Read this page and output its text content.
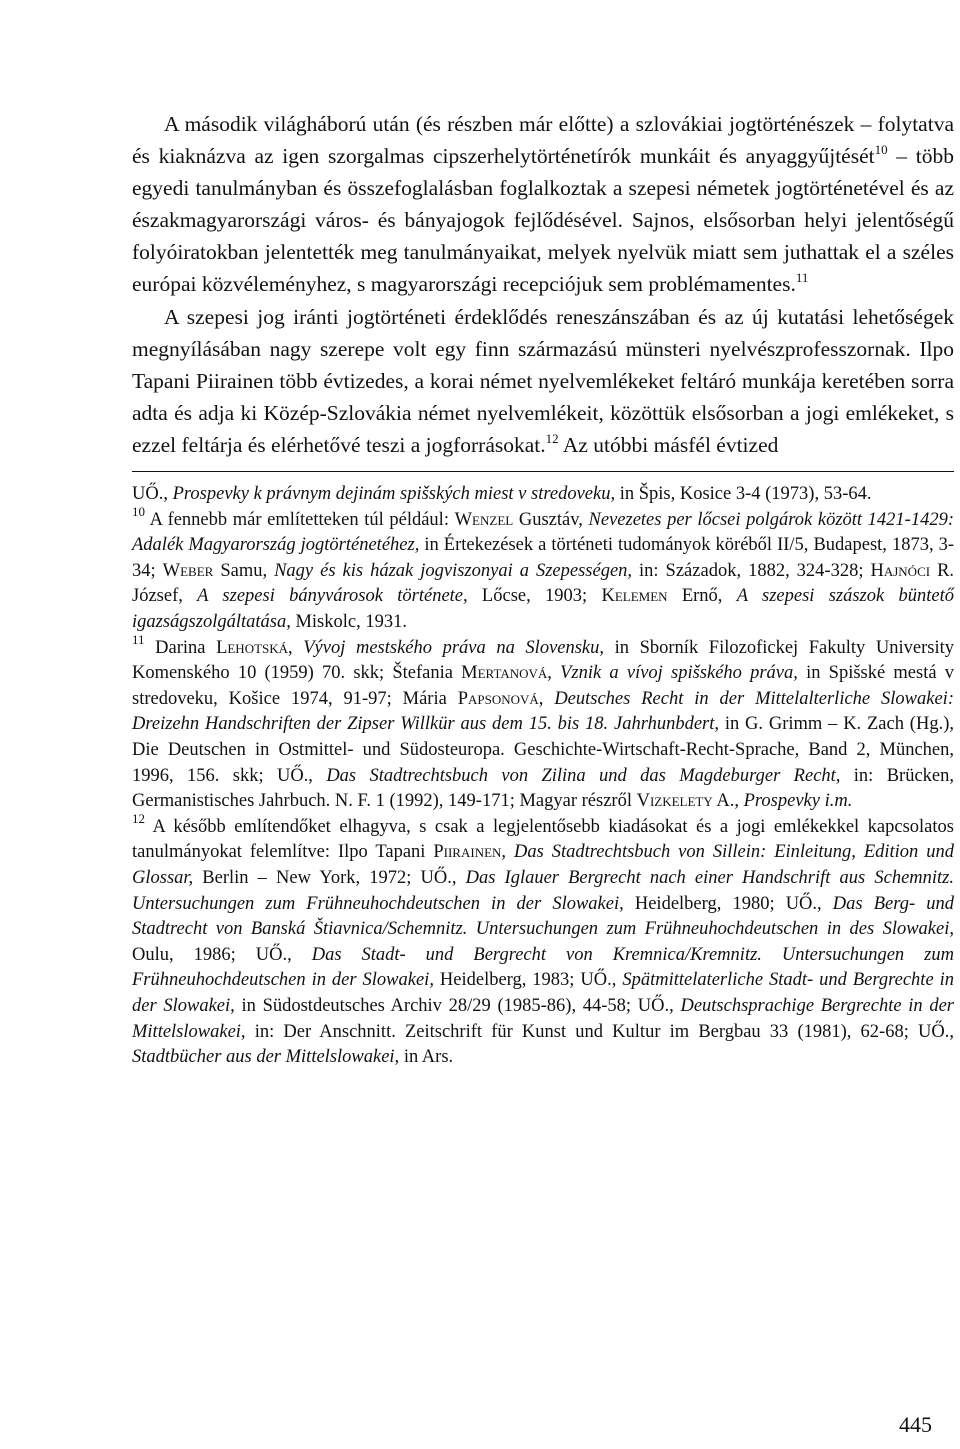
A második világháború után (és részben már előtte) a szlovákiai jogtörténészek – folytatva és kiaknázva az igen szorgalmas cipszerhelytörténetírók munkáit és anyaggyűjtését$^{10}$ – több egyedi tanulmányban és összefoglalásban foglalkoztak a szepesi németek jogtörténetével és az északmagyarországi város- és bányajogok fejlődésével. Sajnos, elsősorban helyi jelentőségű folyóiratokban jelentették meg tanulmányaikat, melyek nyelvük miatt sem juthattak el a széles európai közvéleményhez, s magyarországi recepciójuk sem problémamentes.$^{11}$

A szepesi jog iránti jogtörténeti érdeklődés reneszánszában és az új kutatási lehetőségek megnyílásában nagy szerepe volt egy finn származású münsteri nyelvészprofesszornak. Ilpo Tapani Piirainen több évtizedes, a korai német nyelvemlékeket feltáró munkája keretében sorra adta és adja ki Közép-Szlovákia német nyelvemlékeit, közöttük elsősorban a jogi emlékeket, s ezzel feltárja és elérhetővé teszi a jogforrásokat.$^{12}$ Az utóbbi másfél évtized

UŐ., Prospevky k právnym dejinám spišských miest v stredoveku, in Špis, Kosice 3-4 (1973), 53-64.

$^{10}$ A fennebb már említetteken túl például: Wenzel Gusztáv, Nevezetes per lőcsei polgárok között 1421-1429: Adalék Magyarország jogtörténetéhez, in Értekezések a történeti tudományok köréből II/5, Budapest, 1873, 3-34; Weber Samu, Nagy és kis házak jogviszonyai a Szepességen, in: Századok, 1882, 324-328; Hajnóci R. József, A szepesi bányvárosok története, Lőcse, 1903; Kelemen Ernő, A szepesi szászok büntető igazságszolgáltatása, Miskolc, 1931.

$^{11}$ Darina Lehotská, Vývoj mestského práva na Slovensku, in Sborník Filozofickej Fakulty University Komenského 10 (1959) 70. skk; Štefania Mertanová, Vznik a vívoj spišského práva, in Spišské mestá v stredoveku, Košice 1974, 91-97; Mária Papsonová, Deutsches Recht in der Mittelalterliche Slowakei: Dreizehn Handschriften der Zipser Willkür aus dem 15. bis 18. Jahrhunbdert, in G. Grimm – K. Zach (Hg.), Die Deutschen in Ostmittel- und Südosteuropa. Geschichte-Wirtschaft-Recht-Sprache, Band 2, München, 1996, 156. skk; UŐ., Das Stadtrechtsbuch von Zilina und das Magdeburger Recht, in: Brücken, Germanistisches Jahrbuch. N. F. 1 (1992), 149-171; Magyar részről Vizkelety A., Prospevky i.m.

$^{12}$ A később említendőket elhagyva, s csak a legjelentősebb kiadásokat és a jogi emlékekkel kapcsolatos tanulmányokat felemlítve: Ilpo Tapani Piirainen, Das Stadtrechtsbuch von Sillein: Einleitung, Edition und Glossar, Berlin – New York, 1972; UŐ., Das Iglauer Bergrecht nach einer Handschrift aus Schemnitz. Untersuchungen zum Frühneuhochdeutschen in der Slowakei, Heidelberg, 1980; UŐ., Das Berg- und Stadtrecht von Banská Štiavnica/Schemnitz. Untersuchungen zum Frühneuhochdeutschen in des Slowakei, Oulu, 1986; UŐ., Das Stadt- und Bergrecht von Kremnica/Kremnitz. Untersuchungen zum Frühneuhochdeutschen in der Slowakei, Heidelberg, 1983; UŐ., Spätmittelaterliche Stadt- und Bergrechte in der Slowakei, in Südostdeutsches Archiv 28/29 (1985-86), 44-58; UŐ., Deutschsprachige Bergrechte in der Mittelslowakei, in: Der Anschnitt. Zeitschrift für Kunst und Kultur im Bergbau 33 (1981), 62-68; UŐ., Stadtbücher aus der Mittelslowakei, in Ars.

445
